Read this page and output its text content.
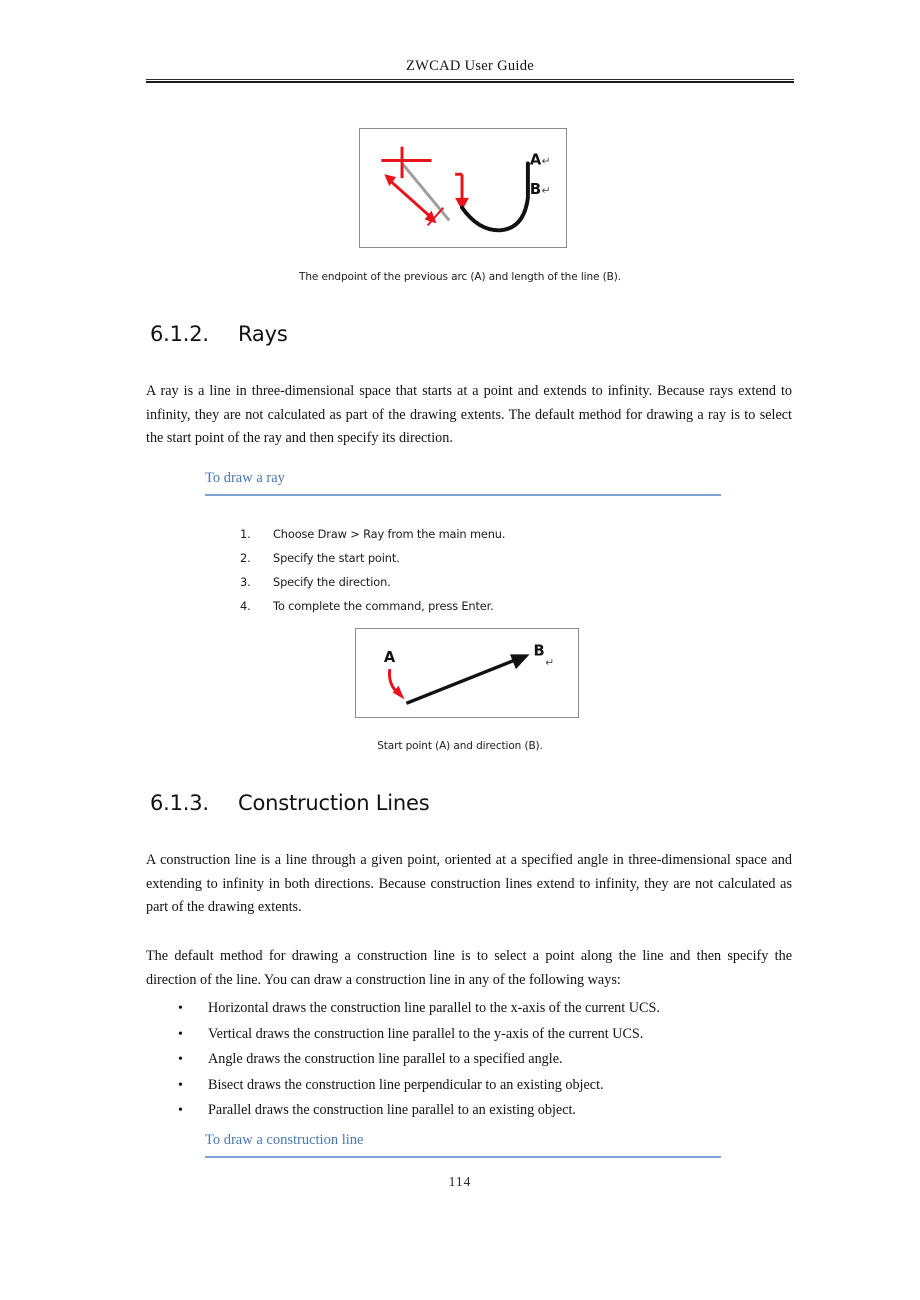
ZWCAD User Guide
A ↵
B ↵
The endpoint of the previous arc (A) and length of the line (B).
6.1.2. Rays
A ray is a line in three-dimensional space that starts at a point and extends to infinity. Because rays extend to infinity, they are not calculated as part of the drawing extents. The default method for drawing a ray is to select the start point of the ray and then specify its direction.
To draw a ray
1.	Choose Draw > Ray from the main menu.
2.	Specify the start point.
3.	Specify the direction.
4.	To complete the command, press Enter.
A	B
↵
Start point (A) and direction (B).
6.1.3. Construction Lines
A construction line is a line through a given point, oriented at a specified angle in three-dimensional space and extending to infinity in both directions. Because construction lines extend to infinity, they are not calculated as part of the drawing extents.
The default method for drawing a construction line is to select a point along the line and then specify the direction of the line. You can draw a construction line in any of the following ways:
•	Horizontal draws the construction line parallel to the x-axis of the current UCS.
•	Vertical draws the construction line parallel to the y-axis of the current UCS.
•	Angle draws the construction line parallel to a specified angle.
•	Bisect draws the construction line perpendicular to an existing object.
•	Parallel draws the construction line parallel to an existing object.
To draw a construction line
114
